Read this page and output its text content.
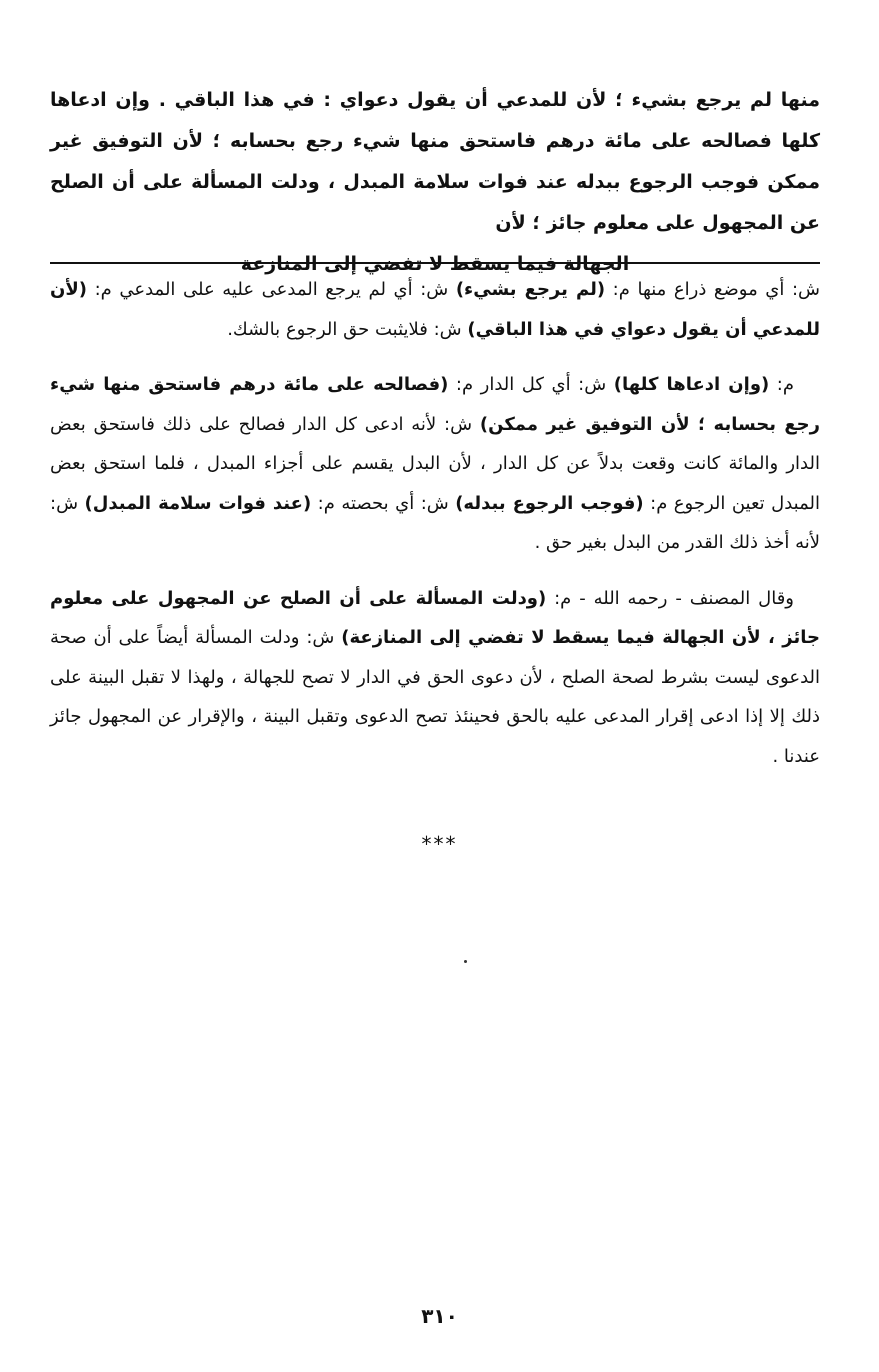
منها لم يرجع بشيء ؛ لأن للمدعي أن يقول دعواي : في هذا الباقي . وإن ادعاها كلها فصالحه على مائة درهم فاستحق منها شيء رجع بحسابه ؛ لأن التوفيق غير ممكن فوجب الرجوع ببدله عند فوات سلامة المبدل ، ودلت المسألة على أن الصلح عن المجهول على معلوم جائز ؛ لأن
الجهالة فيما يسقط لا تفضي إلى المنازعة

ش: أي موضع ذراع منها م: (لم يرجع بشيء) ش: أي لم يرجع المدعى عليه على المدعي م: (لأن للمدعي أن يقول دعواي في هذا الباقي) ش: فلايثبت حق الرجوع بالشك.

م: (وإن ادعاها كلها) ش: أي كل الدار م: (فصالحه على مائة درهم فاستحق منها شيء رجع بحسابه ؛ لأن التوفيق غير ممكن) ش: لأنه ادعى كل الدار فصالح على ذلك فاستحق بعض الدار والمائة كانت وقعت بدلاً عن كل الدار ، لأن البدل يقسم على أجزاء المبدل ، فلما استحق بعض المبدل تعين الرجوع م: (فوجب الرجوع ببدله) ش: أي بحصته م: (عند فوات سلامة المبدل) ش: لأنه أخذ ذلك القدر من البدل بغير حق .

وقال المصنف - رحمه الله - م: (ودلت المسألة على أن الصلح عن المجهول على معلوم جائز ، لأن الجهالة فيما يسقط لا تفضي إلى المنازعة) ش: ودلت المسألة أيضاً على أن صحة الدعوى ليست بشرط لصحة الصلح ، لأن دعوى الحق في الدار لا تصح للجهالة ، ولهذا لا تقبل البينة على ذلك إلا إذا ادعى إقرار المدعى عليه بالحق فحينئذ تصح الدعوى وتقبل البينة ، والإقرار عن المجهول جائز عندنا .

***
٣١٠
